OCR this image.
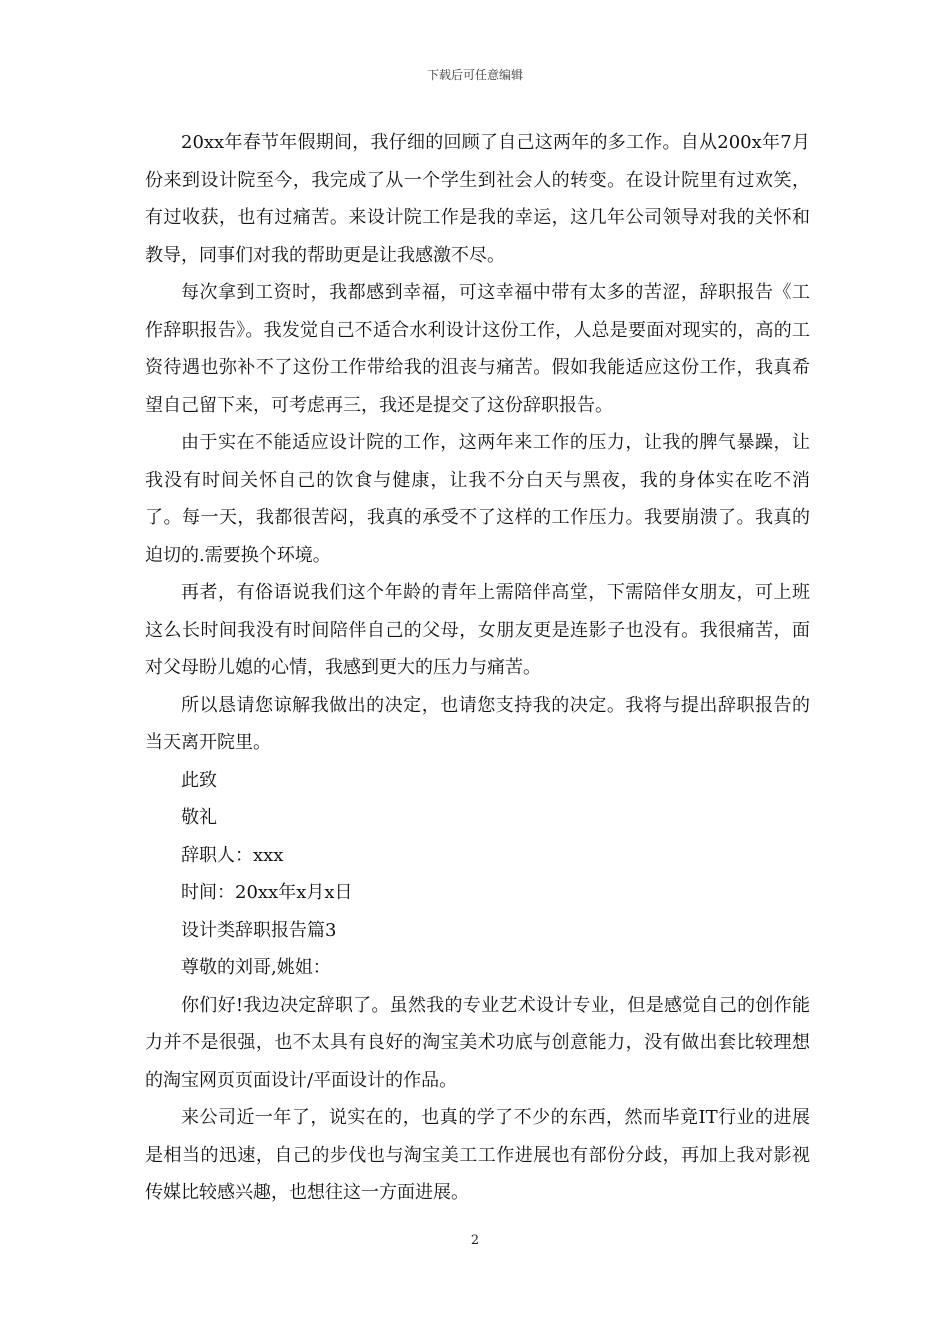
下载后可任意编辑

20xx年春节年假期间，我仔细的回顾了自己这两年的多工作。自从200x年7月份来到设计院至今，我完成了从一个学生到社会人的转变。在设计院里有过欢笑，有过收获，也有过痛苦。来设计院工作是我的幸运，这几年公司领导对我的关怀和教导，同事们对我的帮助更是让我感激不尽。

每次拿到工资时，我都感到幸福，可这幸福中带有太多的苦涩，辞职报告《工作辞职报告》。我发觉自己不适合水利设计这份工作，人总是要面对现实的，高的工资待遇也弥补不了这份工作带给我的沮丧与痛苦。假如我能适应这份工作，我真希望自己留下来，可考虑再三，我还是提交了这份辞职报告。

由于实在不能适应设计院的工作，这两年来工作的压力，让我的脾气暴躁，让我没有时间关怀自己的饮食与健康，让我不分白天与黑夜，我的身体实在吃不消了。每一天，我都很苦闷，我真的承受不了这样的工作压力。我要崩溃了。我真的迫切的.需要换个环境。

再者，有俗语说我们这个年龄的青年上需陪伴高堂，下需陪伴女朋友，可上班这么长时间我没有时间陪伴自己的父母，女朋友更是连影子也没有。我很痛苦，面对父母盼儿媳的心情，我感到更大的压力与痛苦。

所以恳请您谅解我做出的决定，也请您支持我的决定。我将与提出辞职报告的当天离开院里。

此致

敬礼

辞职人：xxx

时间：20xx年x月x日

设计类辞职报告篇3

尊敬的刘哥,姚姐：

你们好!我边决定辞职了。虽然我的专业艺术设计专业，但是感觉自己的创作能力并不是很强，也不太具有良好的淘宝美术功底与创意能力，没有做出套比较理想的淘宝网页页面设计/平面设计的作品。

来公司近一年了，说实在的，也真的学了不少的东西，然而毕竟IT行业的进展是相当的迅速，自己的步伐也与淘宝美工工作进展也有部份分歧，再加上我对影视传媒比较感兴趣，也想往这一方面进展。

2
